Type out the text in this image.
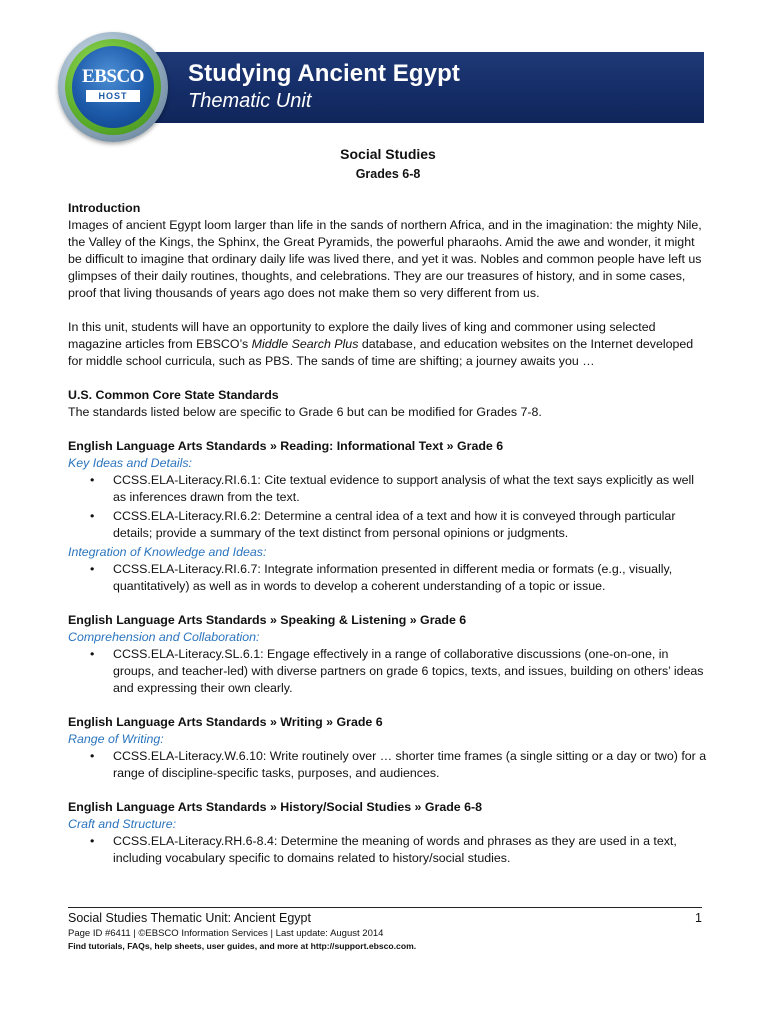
EBSCO
HOST
Studying Ancient Egypt
Thematic Unit
Social Studies
Grades 6-8
Introduction

Images of ancient Egypt loom larger than life in the sands of northern Africa, and in the imagination: the mighty Nile, the Valley of the Kings, the Sphinx, the Great Pyramids, the powerful pharaohs. Amid the awe and wonder, it might be difficult to imagine that ordinary daily life was lived there, and yet it was. Nobles and common people have left us glimpses of their daily routines, thoughts, and celebrations. They are our treasures of history, and in some cases, proof that living thousands of years ago does not make them so very different from us.

In this unit, students will have an opportunity to explore the daily lives of king and commoner using selected magazine articles from EBSCO’s Middle Search Plus database, and education websites on the Internet developed for middle school curricula, such as PBS. The sands of time are shifting; a journey awaits you …

U.S. Common Core State Standards

The standards listed below are specific to Grade 6 but can be modified for Grades 7-8.

English Language Arts Standards » Reading: Informational Text » Grade 6
Key Ideas and Details:
• CCSS.ELA-Literacy.RI.6.1: Cite textual evidence to support analysis of what the text says explicitly as well as inferences drawn from the text.
• CCSS.ELA-Literacy.RI.6.2: Determine a central idea of a text and how it is conveyed through particular details; provide a summary of the text distinct from personal opinions or judgments.
Integration of Knowledge and Ideas:
• CCSS.ELA-Literacy.RI.6.7: Integrate information presented in different media or formats (e.g., visually, quantitatively) as well as in words to develop a coherent understanding of a topic or issue.
English Language Arts Standards » Speaking & Listening » Grade 6
Comprehension and Collaboration:
• CCSS.ELA-Literacy.SL.6.1: Engage effectively in a range of collaborative discussions (one-on-one, in groups, and teacher-led) with diverse partners on grade 6 topics, texts, and issues, building on others’ ideas and expressing their own clearly.
English Language Arts Standards » Writing » Grade 6
Range of Writing:
• CCSS.ELA-Literacy.W.6.10: Write routinely over … shorter time frames (a single sitting or a day or two) for a range of discipline-specific tasks, purposes, and audiences.
English Language Arts Standards » History/Social Studies » Grade 6-8
Craft and Structure:
• CCSS.ELA-Literacy.RH.6-8.4: Determine the meaning of words and phrases as they are used in a text, including vocabulary specific to domains related to history/social studies.
Social Studies Thematic Unit: Ancient Egypt	1
Page ID #6411 | ©EBSCO Information Services | Last update: August 2014
Find tutorials, FAQs, help sheets, user guides, and more at http://support.ebsco.com.
